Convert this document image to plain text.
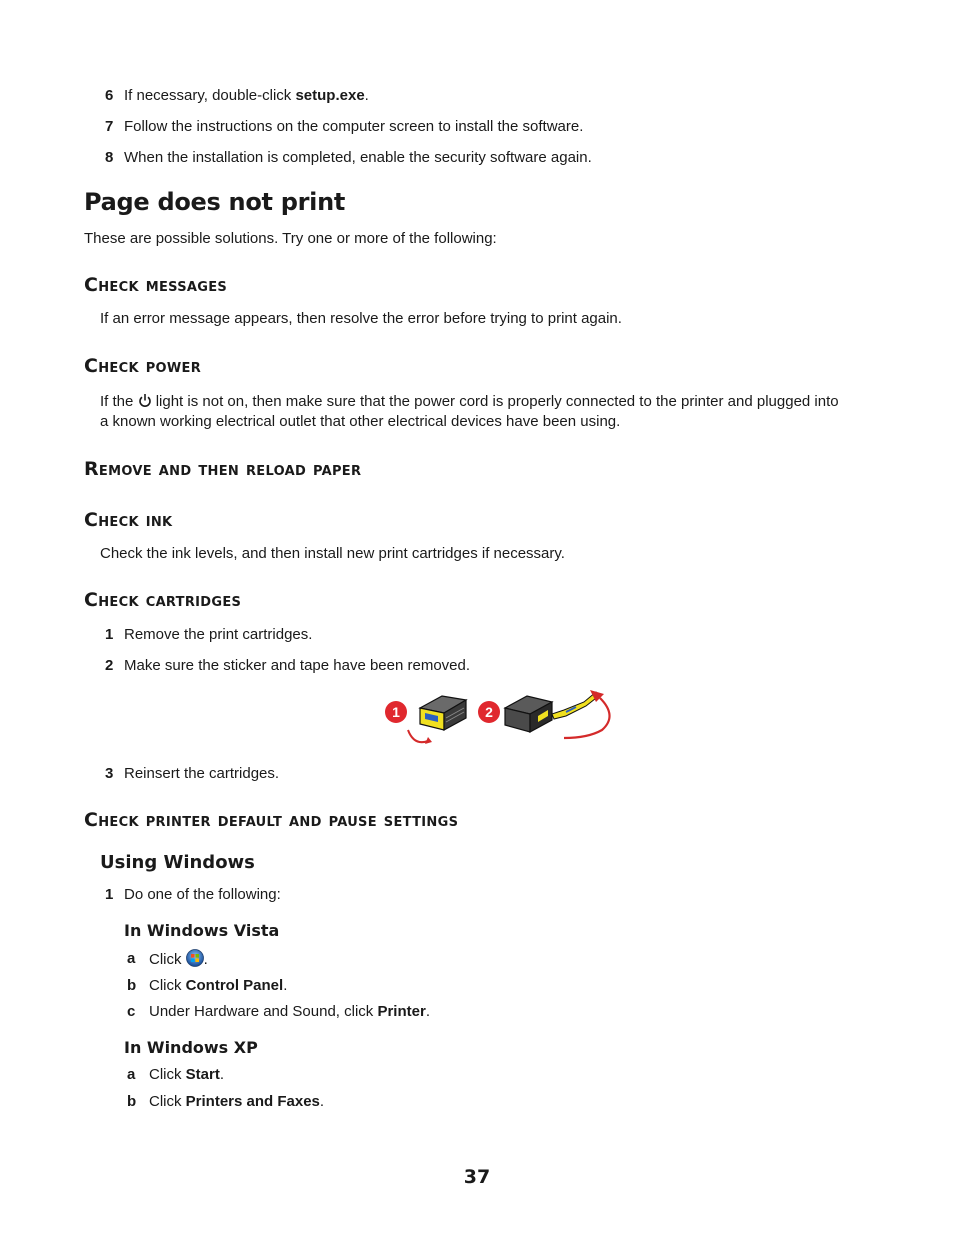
6 If necessary, double-click setup.exe.
7 Follow the instructions on the computer screen to install the software.
8 When the installation is completed, enable the security software again.
Page does not print
These are possible solutions. Try one or more of the following:
Check messages
If an error message appears, then resolve the error before trying to print again.
Check power
If the  light is not on, then make sure that the power cord is properly connected to the printer and plugged into
a known working electrical outlet that other electrical devices have been using.
Remove and then reload paper
Check ink
Check the ink levels, and then install new print cartridges if necessary.
Check cartridges
1 Remove the print cartridges.
2 Make sure the sticker and tape have been removed.
1	2
3 Reinsert the cartridges.
Check printer default and pause settings
Using Windows
1 Do one of the following:
In Windows Vista
a Click .
b Click Control Panel.
c Under Hardware and Sound, click Printer.
In Windows XP
a Click Start.
b Click Printers and Faxes.
37
